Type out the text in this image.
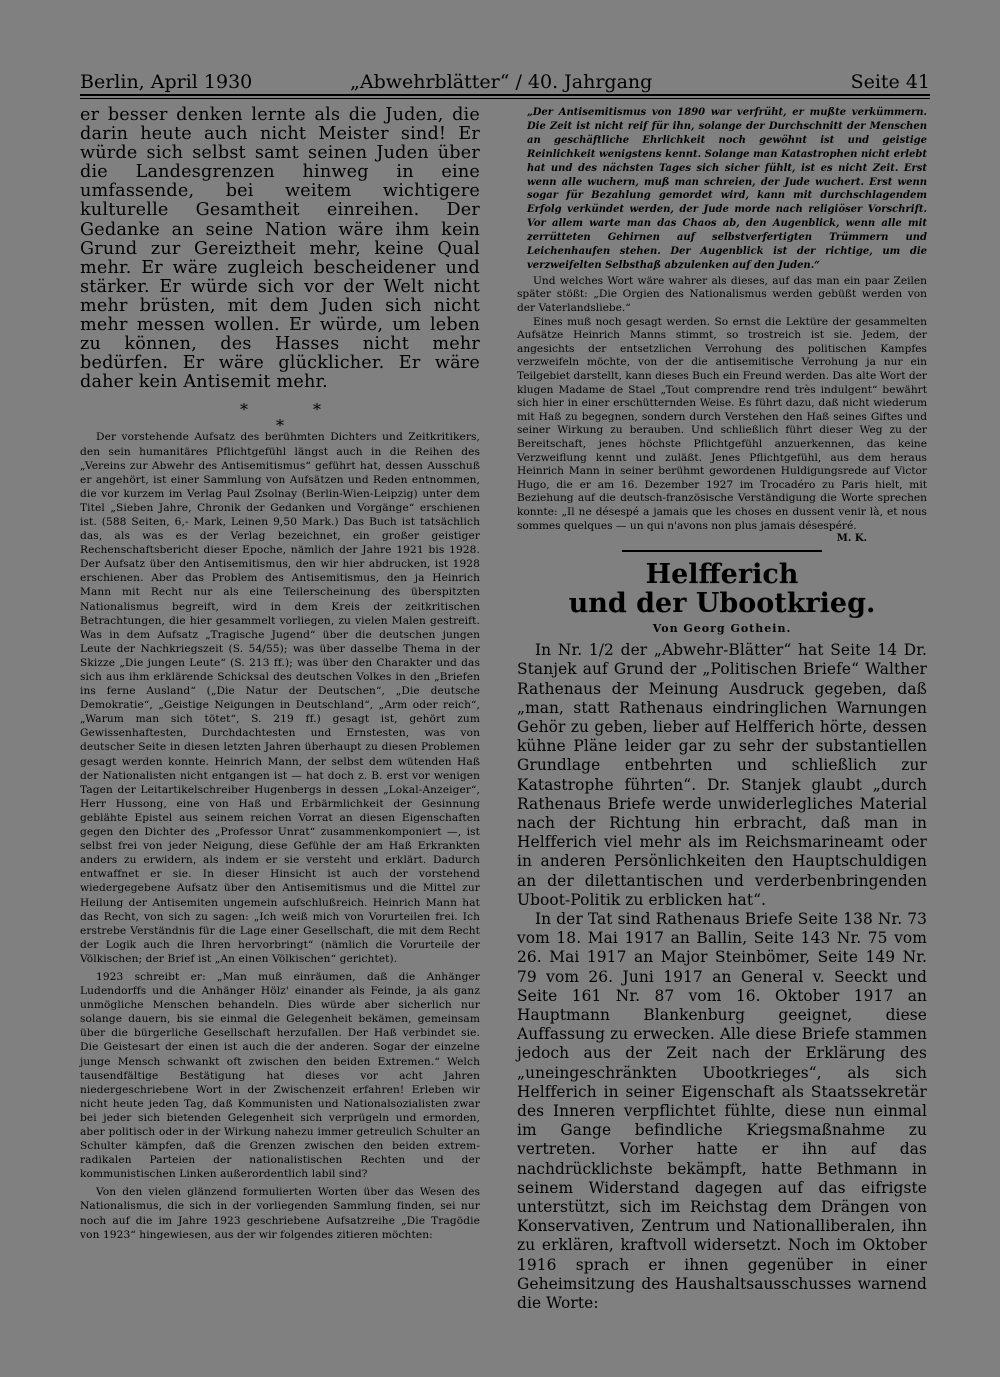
Berlin, April 1930	„Abwehrblätter“ / 40. Jahrgang	Seite 41

er besser denken lernte als die Juden, die darin heute auch nicht Meister sind! Er würde sich selbst samt seinen Juden über die Landesgrenzen hinweg in eine umfassende, bei weitem wichtigere kulturelle Gesamtheit einreihen. Der Gedanke an seine Nation wäre ihm kein Grund zur Gereiztheit mehr, keine Qual mehr. Er wäre zugleich bescheidener und stärker. Er würde sich vor der Welt nicht mehr brüsten, mit dem Juden sich nicht mehr messen wollen. Er würde, um leben zu können, des Hasses nicht mehr bedürfen. Er wäre glücklicher. Er wäre daher kein Antisemit mehr.

*	*
*

Der vorstehende Aufsatz des berühmten Dichters und Zeitkritikers, den sein humanitäres Pflichtgefühl längst auch in die Reihen des „Vereins zur Abwehr des Antisemitismus“ geführt hat, dessen Ausschuß er angehört, ist einer Sammlung von Aufsätzen und Reden entnommen, die vor kurzem im Verlag Paul Zsolnay (Berlin-Wien-Leipzig) unter dem Titel „Sieben Jahre, Chronik der Gedanken und Vorgänge“ erschienen ist. (588 Seiten, 6,- Mark, Leinen 9,50 Mark.) Das Buch ist tatsächlich das, als was es der Verlag bezeichnet, ein großer geistiger Rechenschaftsbericht dieser Epoche, nämlich der Jahre 1921 bis 1928. Der Aufsatz über den Antisemitismus, den wir hier abdrucken, ist 1928 erschienen. Aber das Problem des Antisemitismus, den ja Heinrich Mann mit Recht nur als eine Teilerscheinung des überspitzten Nationalismus begreift, wird in dem Kreis der zeitkritischen Betrachtungen, die hier gesammelt vorliegen, zu vielen Malen gestreift. Was in dem Aufsatz „Tragische Jugend“ über die deutschen jungen Leute der Nachkriegszeit (S. 54/55); was über dasselbe Thema in der Skizze „Die jungen Leute“ (S. 213 ff.); was über den Charakter und das sich aus ihm erklärende Schicksal des deutschen Volkes in den „Briefen ins ferne Ausland“ („Die Natur der Deutschen“, „Die deutsche Demokratie“, „Geistige Neigungen in Deutschland“, „Arm oder reich“, „Warum man sich tötet“, S. 219 ff.) gesagt ist, gehört zum Gewissenhaftesten, Durchdachtesten und Ernstesten, was von deutscher Seite in diesen letzten Jahren überhaupt zu diesen Problemen gesagt werden konnte. Heinrich Mann, der selbst dem wütenden Haß der Nationalisten nicht entgangen ist — hat doch z. B. erst vor wenigen Tagen der Leitartikelschreiber Hugenbergs in dessen „Lokal-Anzeiger“, Herr Hussong, eine von Haß und Erbärmlichkeit der Gesinnung geblähte Epistel aus seinem reichen Vorrat an diesen Eigenschaften gegen den Dichter des „Professor Unrat“ zusammenkomponiert —, ist selbst frei von jeder Neigung, diese Gefühle der am Haß Erkrankten anders zu erwidern, als indem er sie versteht und erklärt. Dadurch entwaffnet er sie. In dieser Hinsicht ist auch der vorstehend wiedergegebene Aufsatz über den Antisemitismus und die Mittel zur Heilung der Antisemiten ungemein aufschlußreich. Heinrich Mann hat das Recht, von sich zu sagen: „Ich weiß mich von Vorurteilen frei. Ich erstrebe Verständnis für die Lage einer Gesellschaft, die mit dem Recht der Logik auch die Ihren hervorbringt“ (nämlich die Vorurteile der Völkischen; der Brief ist „An einen Völkischen“ gerichtet).

1923 schreibt er: „Man muß einräumen, daß die Anhänger Ludendorffs und die Anhänger Hölz' einander als Feinde, ja als ganz unmögliche Menschen behandeln. Dies würde aber sicherlich nur solange dauern, bis sie einmal die Gelegenheit bekämen, gemeinsam über die bürgerliche Gesellschaft herzufallen. Der Haß verbindet sie. Die Geistesart der einen ist auch die der anderen. Sogar der einzelne junge Mensch schwankt oft zwischen den beiden Extremen.“ Welch tausendfältige Bestätigung hat dieses vor acht Jahren niedergeschriebene Wort in der Zwischenzeit erfahren! Erleben wir nicht heute jeden Tag, daß Kommunisten und Nationalsozialisten zwar bei jeder sich bietenden Gelegenheit sich verprügeln und ermorden, aber politisch oder in der Wirkung nahezu immer getreulich Schulter an Schulter kämpfen, daß die Grenzen zwischen den beiden extrem-radikalen Parteien der nationalistischen Rechten und der kommunistischen Linken außerordentlich labil sind?

Von den vielen glänzend formulierten Worten über das Wesen des Nationalismus, die sich in der vorliegenden Sammlung finden, sei nur noch auf die im Jahre 1923 geschriebene Aufsatzreihe „Die Tragödie von 1923“ hingewiesen, aus der wir folgendes zitieren möchten:

„Der Antisemitismus von 1890 war verfrüht, er mußte verkümmern. Die Zeit ist nicht reif für ihn, solange der Durchschnitt der Menschen an geschäftliche Ehrlichkeit noch gewöhnt ist und geistige Reinlichkeit wenigstens kennt. Solange man Katastrophen nicht erlebt hat und des nächsten Tages sich sicher fühlt, ist es nicht Zeit. Erst wenn alle wuchern, muß man schreien, der Jude wuchert. Erst wenn sogar für Bezahlung gemordet wird, kann mit durchschlagendem Erfolg verkündet werden, der Jude morde nach religiöser Vorschrift. Vor allem warte man das Chaos ab, den Augenblick, wenn alle mit zerrütteten Gehirnen auf selbstverfertigten Trümmern und Leichenhaufen stehen. Der Augenblick ist der richtige, um die verzweifelten Selbsthaß abzulenken auf den Juden.“

Und welches Wort wäre wahrer als dieses, auf das man ein paar Zeilen später stößt: „Die Orgien des Nationalismus werden gebüßt werden von der Vaterlandsliebe.“

Eines muß noch gesagt werden. So ernst die Lektüre der gesammelten Aufsätze Heinrich Manns stimmt, so trostreich ist sie. Jedem, der angesichts der entsetzlichen Verrohung des politischen Kampfes verzweifeln möchte, von der die antisemitische Verrohung ja nur ein Teilgebiet darstellt, kann dieses Buch ein Freund werden. Das alte Wort der klugen Madame de Stael „Tout comprendre rend très indulgent“ bewährt sich hier in einer erschütternden Weise. Es führt dazu, daß nicht wiederum mit Haß zu begegnen, sondern durch Verstehen den Haß seines Giftes und seiner Wirkung zu berauben. Und schließlich führt dieser Weg zu der Bereitschaft, jenes höchste Pflichtgefühl anzuerkennen, das keine Verzweiflung kennt und zuläßt. Jenes Pflichtgefühl, aus dem heraus Heinrich Mann in seiner berühmt gewordenen Huldigungsrede auf Victor Hugo, die er am 16. Dezember 1927 im Trocadéro zu Paris hielt, mit Beziehung auf die deutsch-französische Verständigung die Worte sprechen konnte: „Il ne désespé a jamais que les choses en dussent venir là, et nous sommes quelques — un qui n'avons non plus jamais désespéré.

M. K.

Helfferich
und der Ubootkrieg.
Von Georg Gothein.

In Nr. 1/2 der „Abwehr-Blätter“ hat Seite 14 Dr. Stanjek auf Grund der „Politischen Briefe“ Walther Rathenaus der Meinung Ausdruck gegeben, daß „man, statt Rathenaus eindringlichen Warnungen Gehör zu geben, lieber auf Helfferich hörte, dessen kühne Pläne leider gar zu sehr der substantiellen Grundlage entbehrten und schließlich zur Katastrophe führten“. Dr. Stanjek glaubt „durch Rathenaus Briefe werde unwiderlegliches Material nach der Richtung hin erbracht, daß man in Helfferich viel mehr als im Reichsmarineamt oder in anderen Persönlichkeiten den Hauptschuldigen an der dilettantischen und verderbenbringenden Uboot-Politik zu erblicken hat“.

In der Tat sind Rathenaus Briefe Seite 138 Nr. 73 vom 18. Mai 1917 an Ballin, Seite 143 Nr. 75 vom 26. Mai 1917 an Major Steinbömer, Seite 149 Nr. 79 vom 26. Juni 1917 an General v. Seeckt und Seite 161 Nr. 87 vom 16. Oktober 1917 an Hauptmann Blankenburg geeignet, diese Auffassung zu erwecken. Alle diese Briefe stammen jedoch aus der Zeit nach der Erklärung des „uneingeschränkten Ubootkrieges“, als sich Helfferich in seiner Eigenschaft als Staatssekretär des Inneren verpflichtet fühlte, diese nun einmal im Gange befindliche Kriegsmaßnahme zu vertreten. Vorher hatte er ihn auf das nachdrücklichste bekämpft, hatte Bethmann in seinem Widerstand dagegen auf das eifrigste unterstützt, sich im Reichstag dem Drängen von Konservativen, Zentrum und Nationalliberalen, ihn zu erklären, kraftvoll widersetzt. Noch im Oktober 1916 sprach er ihnen gegenüber in einer Geheimsitzung des Haushaltsausschusses warnend die Worte:
